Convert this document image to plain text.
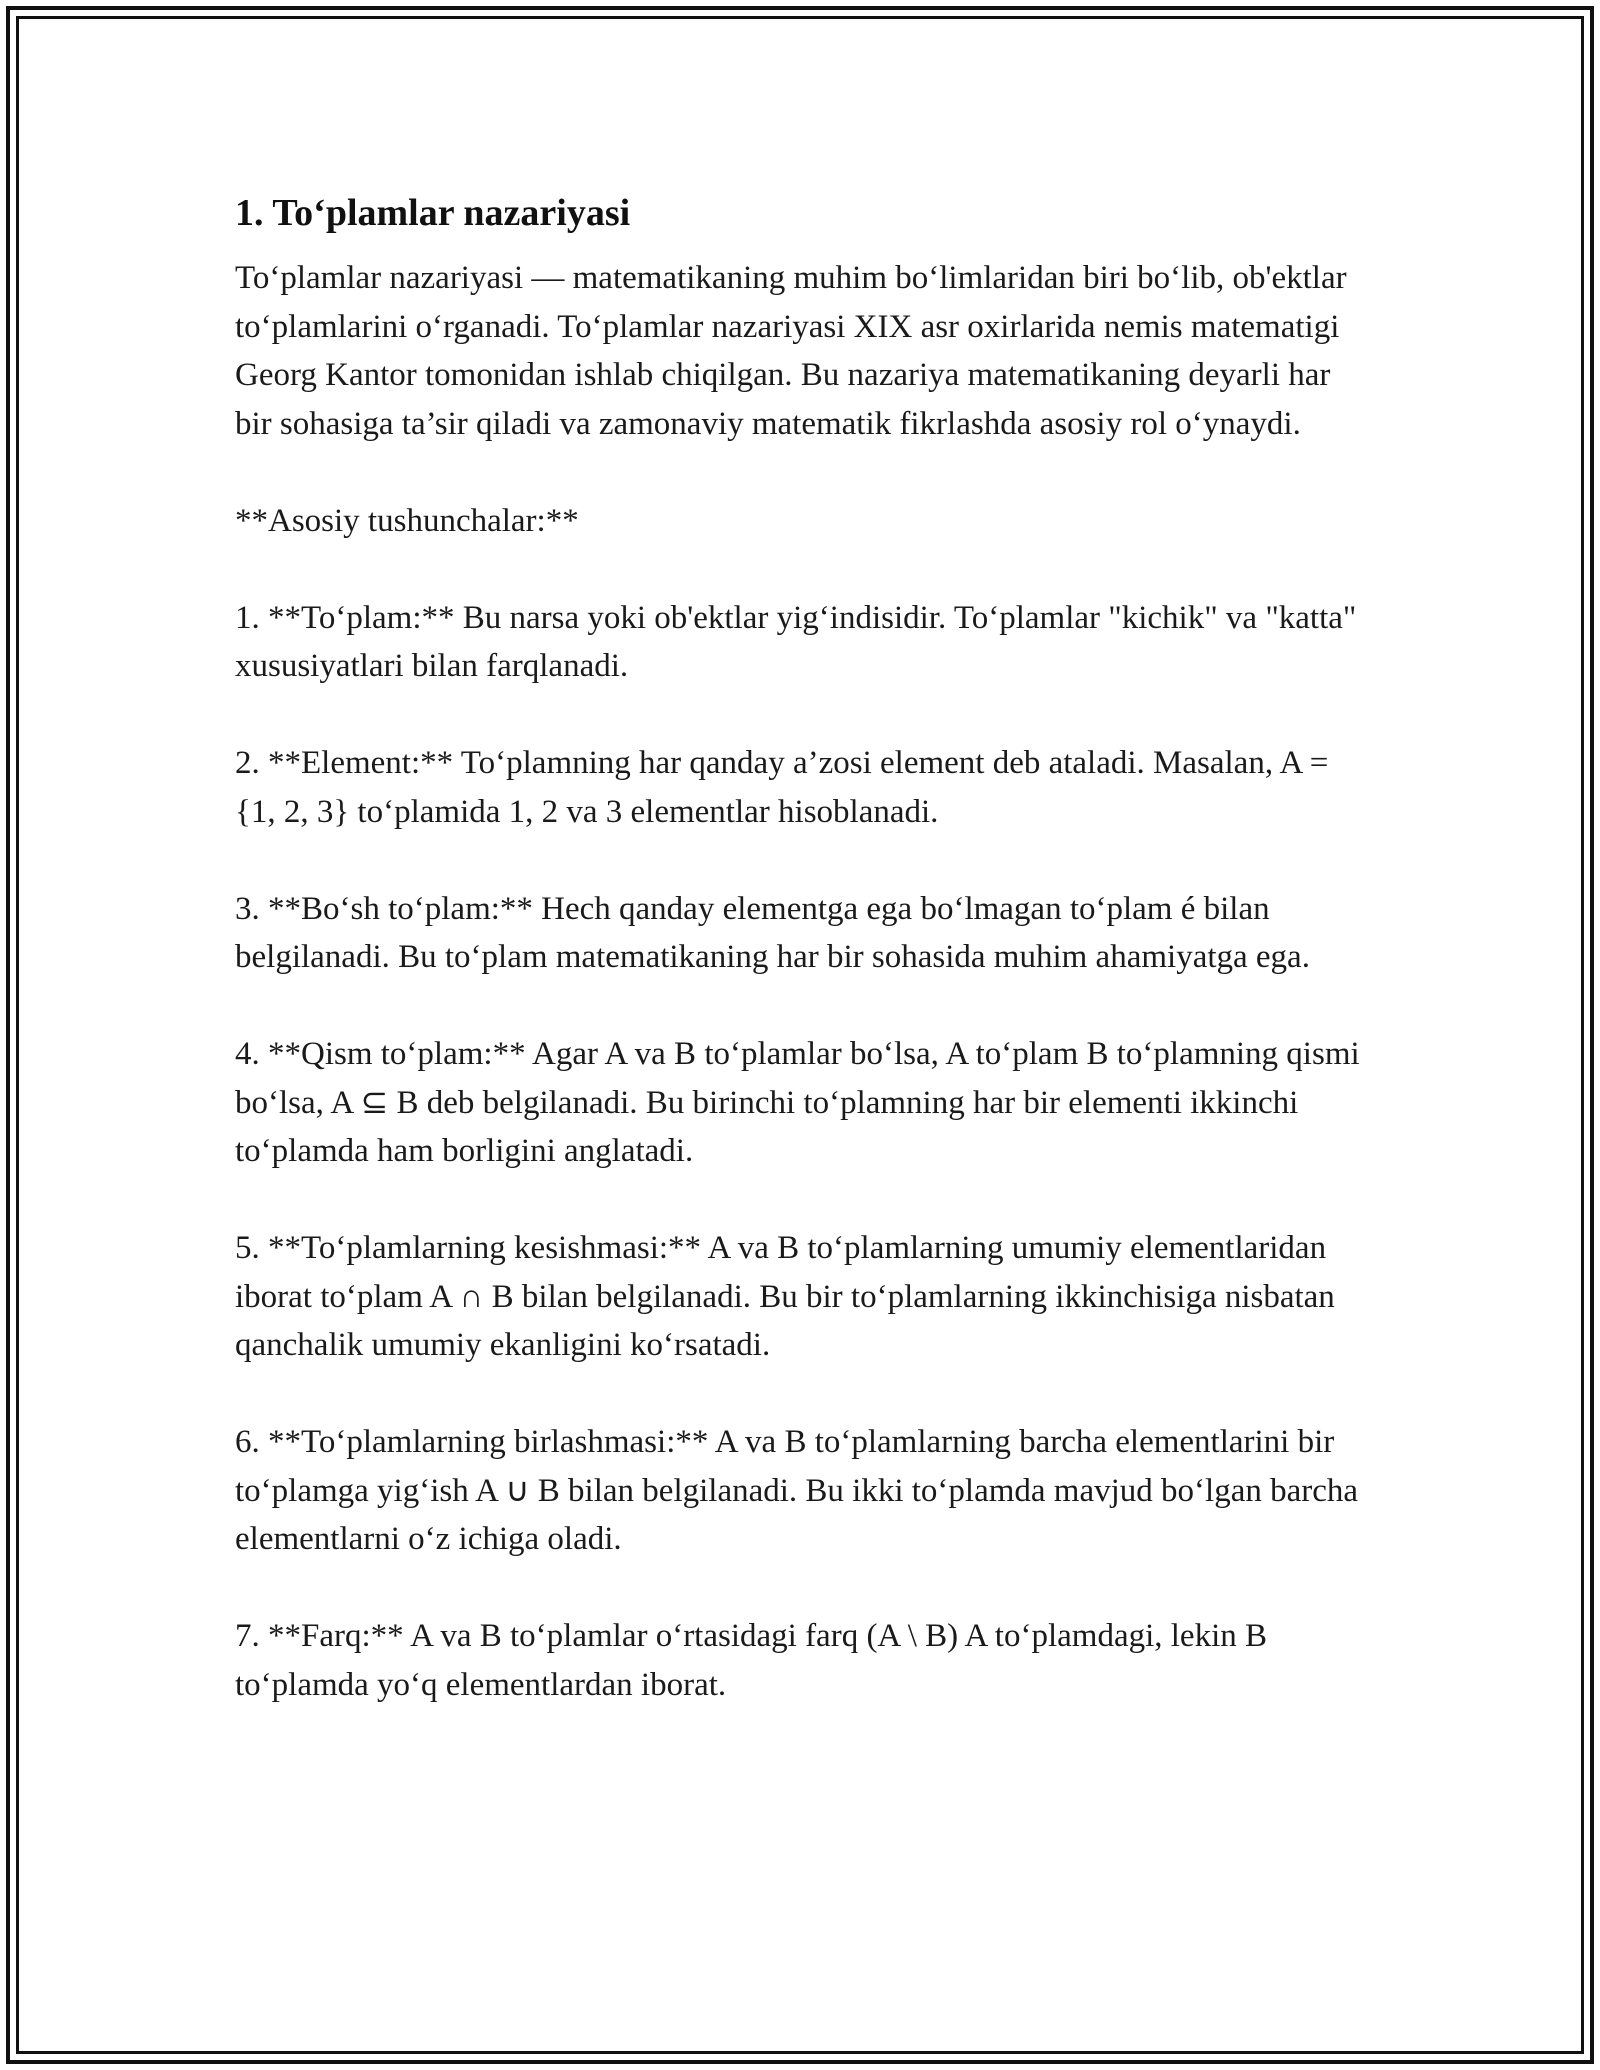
1. To‘plamlar nazariyasi

To‘plamlar nazariyasi — matematikaning muhim bo‘limlaridan biri bo‘lib, ob'ektlar to‘plamlarini o‘rganadi. To‘plamlar nazariyasi XIX asr oxirlarida nemis matematigi Georg Kantor tomonidan ishlab chiqilgan. Bu nazariya matematikaning deyarli har bir sohasiga ta’sir qiladi va zamonaviy matematik fikrlashda asosiy rol o‘ynaydi.

**Asosiy tushunchalar:**

1. **To‘plam:** Bu narsa yoki ob'ektlar yig‘indisidir. To‘plamlar "kichik" va "katta" xususiyatlari bilan farqlanadi.

2. **Element:** To‘plamning har qanday a’zosi element deb ataladi. Masalan, A = {1, 2, 3} to‘plamida 1, 2 va 3 elementlar hisoblanadi.

3. **Bo‘sh to‘plam:** Hech qanday elementga ega bo‘lmagan to‘plam é bilan belgilanadi. Bu to‘plam matematikaning har bir sohasida muhim ahamiyatga ega.

4. **Qism to‘plam:** Agar A va B to‘plamlar bo‘lsa, A to‘plam B to‘plamning qismi bo‘lsa, A ⊆ B deb belgilanadi. Bu birinchi to‘plamning har bir elementi ikkinchi to‘plamda ham borligini anglatadi.

5. **To‘plamlarning kesishmasi:** A va B to‘plamlarning umumiy elementlaridan iborat to‘plam A ∩ B bilan belgilanadi. Bu bir to‘plamlarning ikkinchisiga nisbatan qanchalik umumiy ekanligini ko‘rsatadi.

6. **To‘plamlarning birlashmasi:** A va B to‘plamlarning barcha elementlarini bir to‘plamga yig‘ish A ∪ B bilan belgilanadi. Bu ikki to‘plamda mavjud bo‘lgan barcha elementlarni o‘z ichiga oladi.

7. **Farq:** A va B to‘plamlar o‘rtasidagi farq (A \ B) A to‘plamdagi, lekin B to‘plamda yo‘q elementlardan iborat.
